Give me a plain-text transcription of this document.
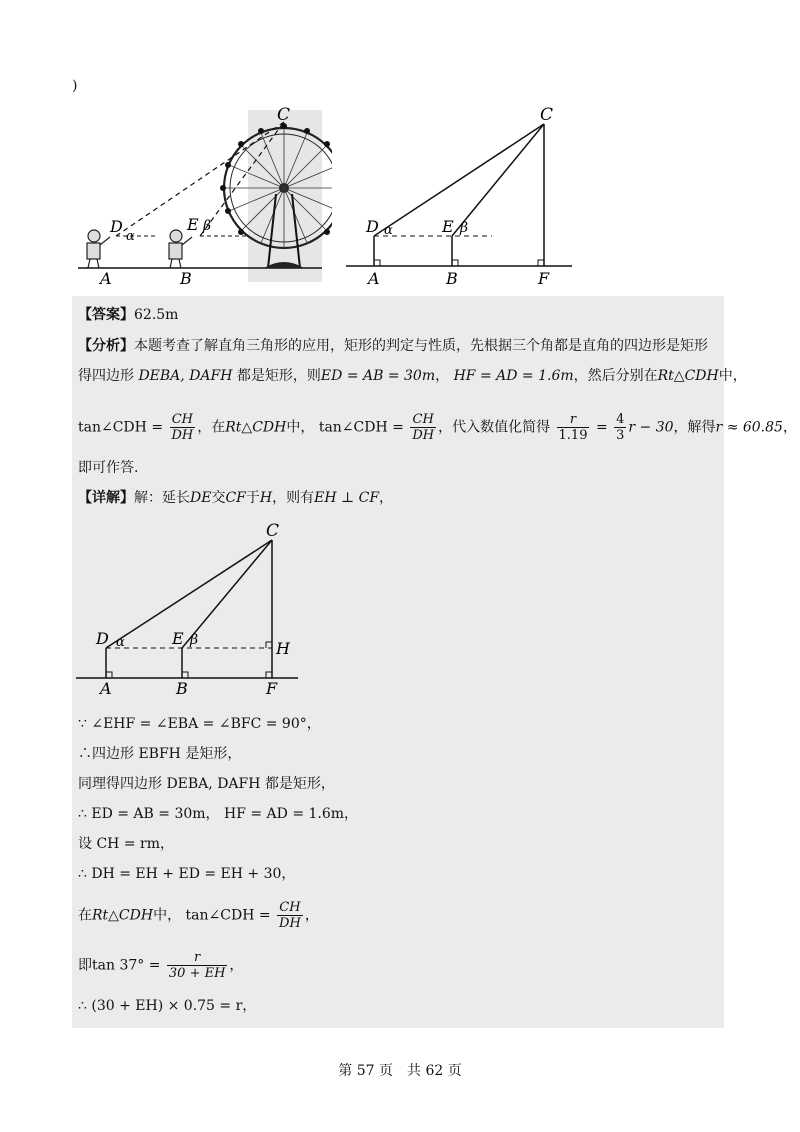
)
C
D
α
E β
A	B
C
D α	E β
A	B	F
【答案】62.5m
【分析】本题考查了解直角三角形的应用，矩形的判定与性质，先根据三个角都是直角的四边形是矩形
得四边形 DEBA, DAFH 都是矩形，则ED = AB = 30m， HF = AD = 1.6m，然后分别在Rt△CDH中，
tan∠CDH = $\frac{CH}{DH}$ ，在Rt△CDH中， tan∠CDH = $\frac{CH}{DH}$ ，代入数值化简得 $\frac{r}{1.19} = \frac{4}{3}$ r − 30，解得r ≈ 60.85，
即可作答.
【详解】解：延长DE交CF于H，则有EH ⊥ CF，
C
D α	E β	H
A	B	F
∵ ∠EHF = ∠EBA = ∠BFC = 90°，
∴四边形 EBFH 是矩形，
同理得四边形 DEBA, DAFH 都是矩形，
∴ ED = AB = 30m， HF = AD = 1.6m，
设 CH = rm，
∴ DH = EH + ED = EH + 30，
在Rt△CDH中， tan∠CDH = $\frac{CH}{DH}$ ，
即$\tan 37^\circ = \frac{r}{30 + EH}$ ，
∴ (30 + EH) × 0.75 = r，
第 57 页　共 62 页
